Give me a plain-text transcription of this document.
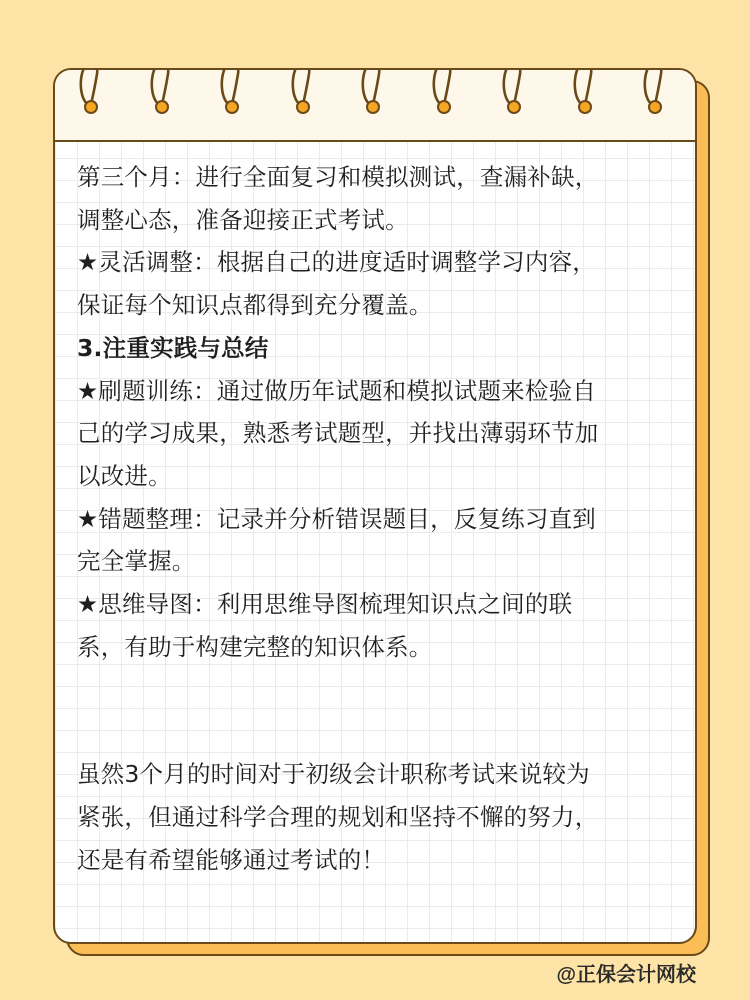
第三个月：进行全面复习和模拟测试，查漏补缺，

调整心态，准备迎接正式考试。

★灵活调整：根据自己的进度适时调整学习内容，

保证每个知识点都得到充分覆盖。

3.注重实践与总结

★刷题训练：通过做历年试题和模拟试题来检验自

己的学习成果，熟悉考试题型，并找出薄弱环节加

以改进。

★错题整理：记录并分析错误题目，反复练习直到

完全掌握。

★思维导图：利用思维导图梳理知识点之间的联

系，有助于构建完整的知识体系。

虽然3个月的时间对于初级会计职称考试来说较为

紧张，但通过科学合理的规划和坚持不懈的努力，

还是有希望能够通过考试的！

@正保会计网校
